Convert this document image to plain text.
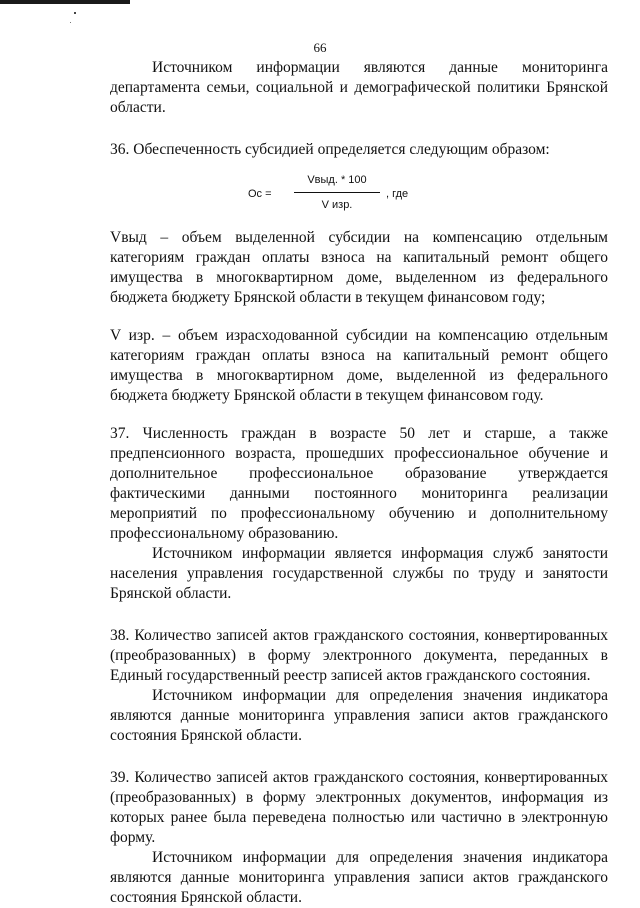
66

Источником информации являются данные мониторинга департамента семьи, социальной и демографической политики Брянской области.

36. Обеспеченность субсидией определяется следующим образом:

Ос =
Vвыд. * 100
V изр.
, где

Vвыд – объем выделенной субсидии на компенсацию отдельным категориям граждан оплаты взноса на капитальный ремонт общего имущества в многоквартирном доме, выделенном из федерального бюджета бюджету Брянской области в текущем финансовом году;

V изр. – объем израсходованной субсидии на компенсацию отдельным категориям граждан оплаты взноса на капитальный ремонт общего имущества в многоквартирном доме, выделенной из федерального бюджета бюджету Брянской области в текущем финансовом году.

37. Численность граждан в возрасте 50 лет и старше, а также предпенсионного возраста, прошедших профессиональное обучение и дополнительное профессиональное образование утверждается фактическими данными постоянного мониторинга реализации мероприятий по профессиональному обучению и дополнительному профессиональному образованию.

Источником информации является информация служб занятости населения управления государственной службы по труду и занятости Брянской области.

38. Количество записей актов гражданского состояния, конвертированных (преобразованных) в форму электронного документа, переданных в Единый государственный реестр записей актов гражданского состояния.

Источником информации для определения значения индикатора являются данные мониторинга управления записи актов гражданского состояния Брянской области.

39. Количество записей актов гражданского состояния, конвертированных (преобразованных) в форму электронных документов, информация из которых ранее была переведена полностью или частично в электронную форму.

Источником информации для определения значения индикатора являются данные мониторинга управления записи актов гражданского состояния Брянской области.
